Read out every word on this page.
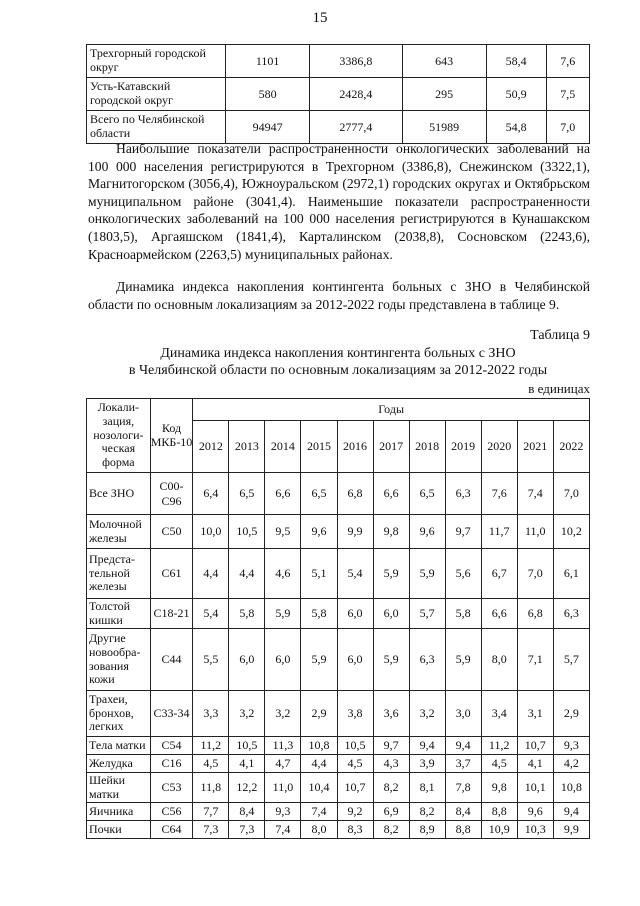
15
Трехгорный городской округ	1101	3386,8	643	58,4	7,6
Усть-Катавский городской округ	580	2428,4	295	50,9	7,5
Всего по Челябинской области	94947	2777,4	51989	54,8	7,0

Наибольшие показатели распространенности онкологических заболеваний на 100 000 населения регистрируются в Трехгорном (3386,8), Снежинском (3322,1), Магнитогорском (3056,4), Южноуральском (2972,1) городских округах и Октябрьском муниципальном районе (3041,4). Наименьшие показатели распространенности онкологических заболеваний на 100 000 населения регистрируются в Кунашакском (1803,5), Аргаяшском (1841,4), Карталинском (2038,8), Сосновском (2243,6), Красноармейском (2263,5) муниципальных районах.

Динамика индекса накопления контингента больных с ЗНО в Челябинской области по основным локализациям за 2012-2022 годы представлена в таблице 9.

Таблица 9
Динамика индекса накопления контингента больных с ЗНО
в Челябинской области по основным локализациям за 2012-2022 годы
в единицах
Локали-зация, нозологи-ческая форма	Код МКБ-10	Годы										
		2012	2013	2014	2015	2016	2017	2018	2019	2020	2021	2022
Все ЗНО	С00-С96	6,4	6,5	6,6	6,5	6,8	6,6	6,5	6,3	7,6	7,4	7,0
Молочной железы	С50	10,0	10,5	9,5	9,6	9,9	9,8	9,6	9,7	11,7	11,0	10,2
Предста-тельной железы	С61	4,4	4,4	4,6	5,1	5,4	5,9	5,9	5,6	6,7	7,0	6,1
Толстой кишки	С18-21	5,4	5,8	5,9	5,8	6,0	6,0	5,7	5,8	6,6	6,8	6,3
Другие новообра-зования кожи	С44	5,5	6,0	6,0	5,9	6,0	5,9	6,3	5,9	8,0	7,1	5,7
Трахеи, бронхов, легких	С33-34	3,3	3,2	3,2	2,9	3,8	3,6	3,2	3,0	3,4	3,1	2,9
Тела матки	С54	11,2	10,5	11,3	10,8	10,5	9,7	9,4	9,4	11,2	10,7	9,3
Желудка	С16	4,5	4,1	4,7	4,4	4,5	4,3	3,9	3,7	4,5	4,1	4,2
Шейки матки	С53	11,8	12,2	11,0	10,4	10,7	8,2	8,1	7,8	9,8	10,1	10,8
Яичника	С56	7,7	8,4	9,3	7,4	9,2	6,9	8,2	8,4	8,8	9,6	9,4
Почки	С64	7,3	7,3	7,4	8,0	8,3	8,2	8,9	8,8	10,9	10,3	9,9
